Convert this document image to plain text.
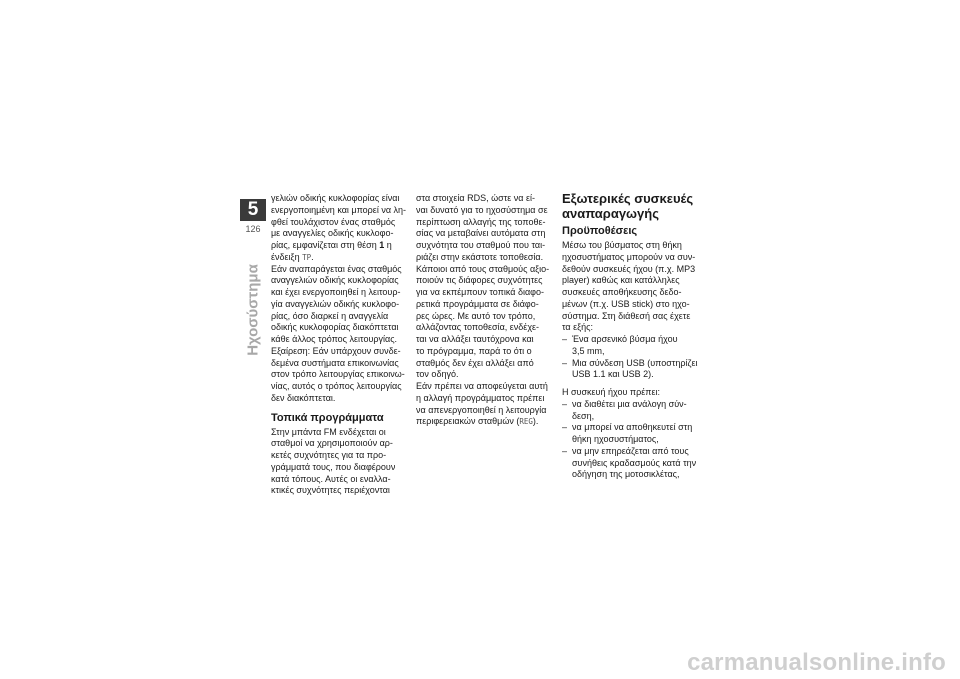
5
126
Ηχοσύστημα

γελιών οδικής κυκλοφορίας είναι
ενεργοποιημένη και μπορεί να λη-
φθεί τουλάχιστον ένας σταθμός
με αναγγελίες οδικής κυκλοφο-
ρίας, εμφανίζεται στη θέση 1 η
ένδειξη TP.

Εάν αναπαράγεται ένας σταθμός
αναγγελιών οδικής κυκλοφορίας
και έχει ενεργοποιηθεί η λειτουρ-
γία αναγγελιών οδικής κυκλοφο-
ρίας, όσο διαρκεί η αναγγελία
οδικής κυκλοφορίας διακόπτεται
κάθε άλλος τρόπος λειτουργίας.
Εξαίρεση: Εάν υπάρχουν συνδε-
δεμένα συστήματα επικοινωνίας
στον τρόπο λειτουργίας επικοινω-
νίας, αυτός ο τρόπος λειτουργίας
δεν διακόπτεται.

Τοπικά προγράμματα

Στην μπάντα FM ενδέχεται οι
σταθμοί να χρησιμοποιούν αρ-
κετές συχνότητες για τα προ-
γράμματά τους, που διαφέρουν
κατά τόπους. Αυτές οι εναλλα-
κτικές συχνότητες περιέχονται

στα στοιχεία RDS, ώστε να εί-
ναι δυνατό για το ηχοσύστημα σε
περίπτωση αλλαγής της τοποθε-
σίας να μεταβαίνει αυτόματα στη
συχνότητα του σταθμού που ται-
ριάζει στην εκάστοτε τοποθεσία.
Κάποιοι από τους σταθμούς αξιο-
ποιούν τις διάφορες συχνότητες
για να εκπέμπουν τοπικά διαφο-
ρετικά προγράμματα σε διάφο-
ρες ώρες. Με αυτό τον τρόπο,
αλλάζοντας τοποθεσία, ενδέχε-
ται να αλλάξει ταυτόχρονα και
το πρόγραμμα, παρά το ότι ο
σταθμός δεν έχει αλλάξει από
τον οδηγό.

Εάν πρέπει να αποφεύγεται αυτή
η αλλαγή προγράμματος πρέπει
να απενεργοποιηθεί η λειτουργία
περιφερειακών σταθμών (REG).

Εξωτερικές συσκευές
αναπαραγωγής
Προϋποθέσεις

Μέσω του βύσματος στη θήκη
ηχοσυστήματος μπορούν να συν-
δεθούν συσκευές ήχου (π.χ. MP3
player) καθώς και κατάλληλες
συσκευές αποθήκευσης δεδο-
μένων (π.χ. USB stick) στο ηχο-
σύστημα. Στη διάθεσή σας έχετε
τα εξής:

– Ένα αρσενικό βύσμα ήχου
3,5 mm,
– Μια σύνδεση USB (υποστηρίζει
USB 1.1 και USB 2).

Η συσκευή ήχου πρέπει:

– να διαθέτει μια ανάλογη σύν-
δεση,
– να μπορεί να αποθηκευτεί στη
θήκη ηχοσυστήματος,
– να μην επηρεάζεται από τους
συνήθεις κραδασμούς κατά την
οδήγηση της μοτοσικλέτας,
carmanualsonline.info
